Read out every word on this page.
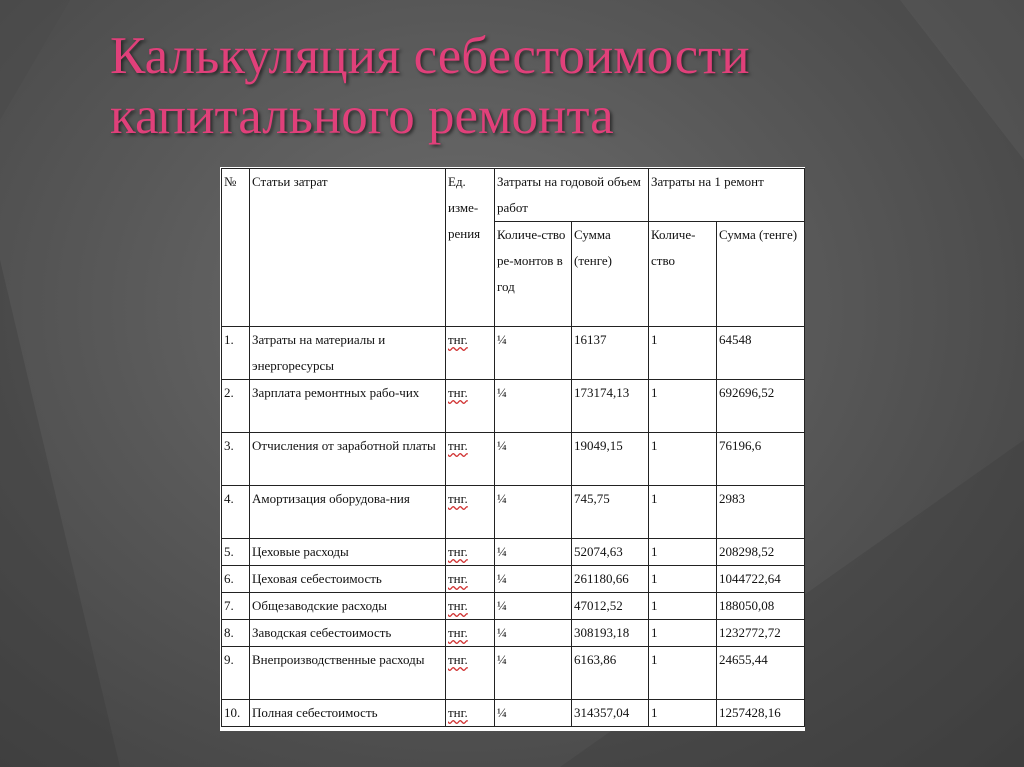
Калькуляция себестоимости
капитального ремонта
№	Статьи затрат	Ед. изме-рения	Затраты на годовой объем работ		Затраты на 1 ремонт	
			Количе-ство ре-монтов в год	Сумма (тенге)	Количе-ство	Сумма (тенге)
1.	Затраты на материалы и энергоресурсы	тнг.	¼	16137	1	64548
2.	Зарплата ремонтных рабо-чих	тнг.	¼	173174,13	1	692696,52
3.	Отчисления от заработной платы	тнг.	¼	19049,15	1	76196,6
4.	Амортизация оборудова-ния	тнг.	¼	745,75	1	2983
5.	Цеховые расходы	тнг.	¼	52074,63	1	208298,52
6.	Цеховая себестоимость	тнг.	¼	261180,66	1	1044722,64
7.	Общезаводские расходы	тнг.	¼	47012,52	1	188050,08
8.	Заводская себестоимость	тнг.	¼	308193,18	1	1232772,72
9.	Внепроизводственные расходы	тнг.	¼	6163,86	1	24655,44
10.	Полная себестоимость	тнг.	¼	314357,04	1	1257428,16
